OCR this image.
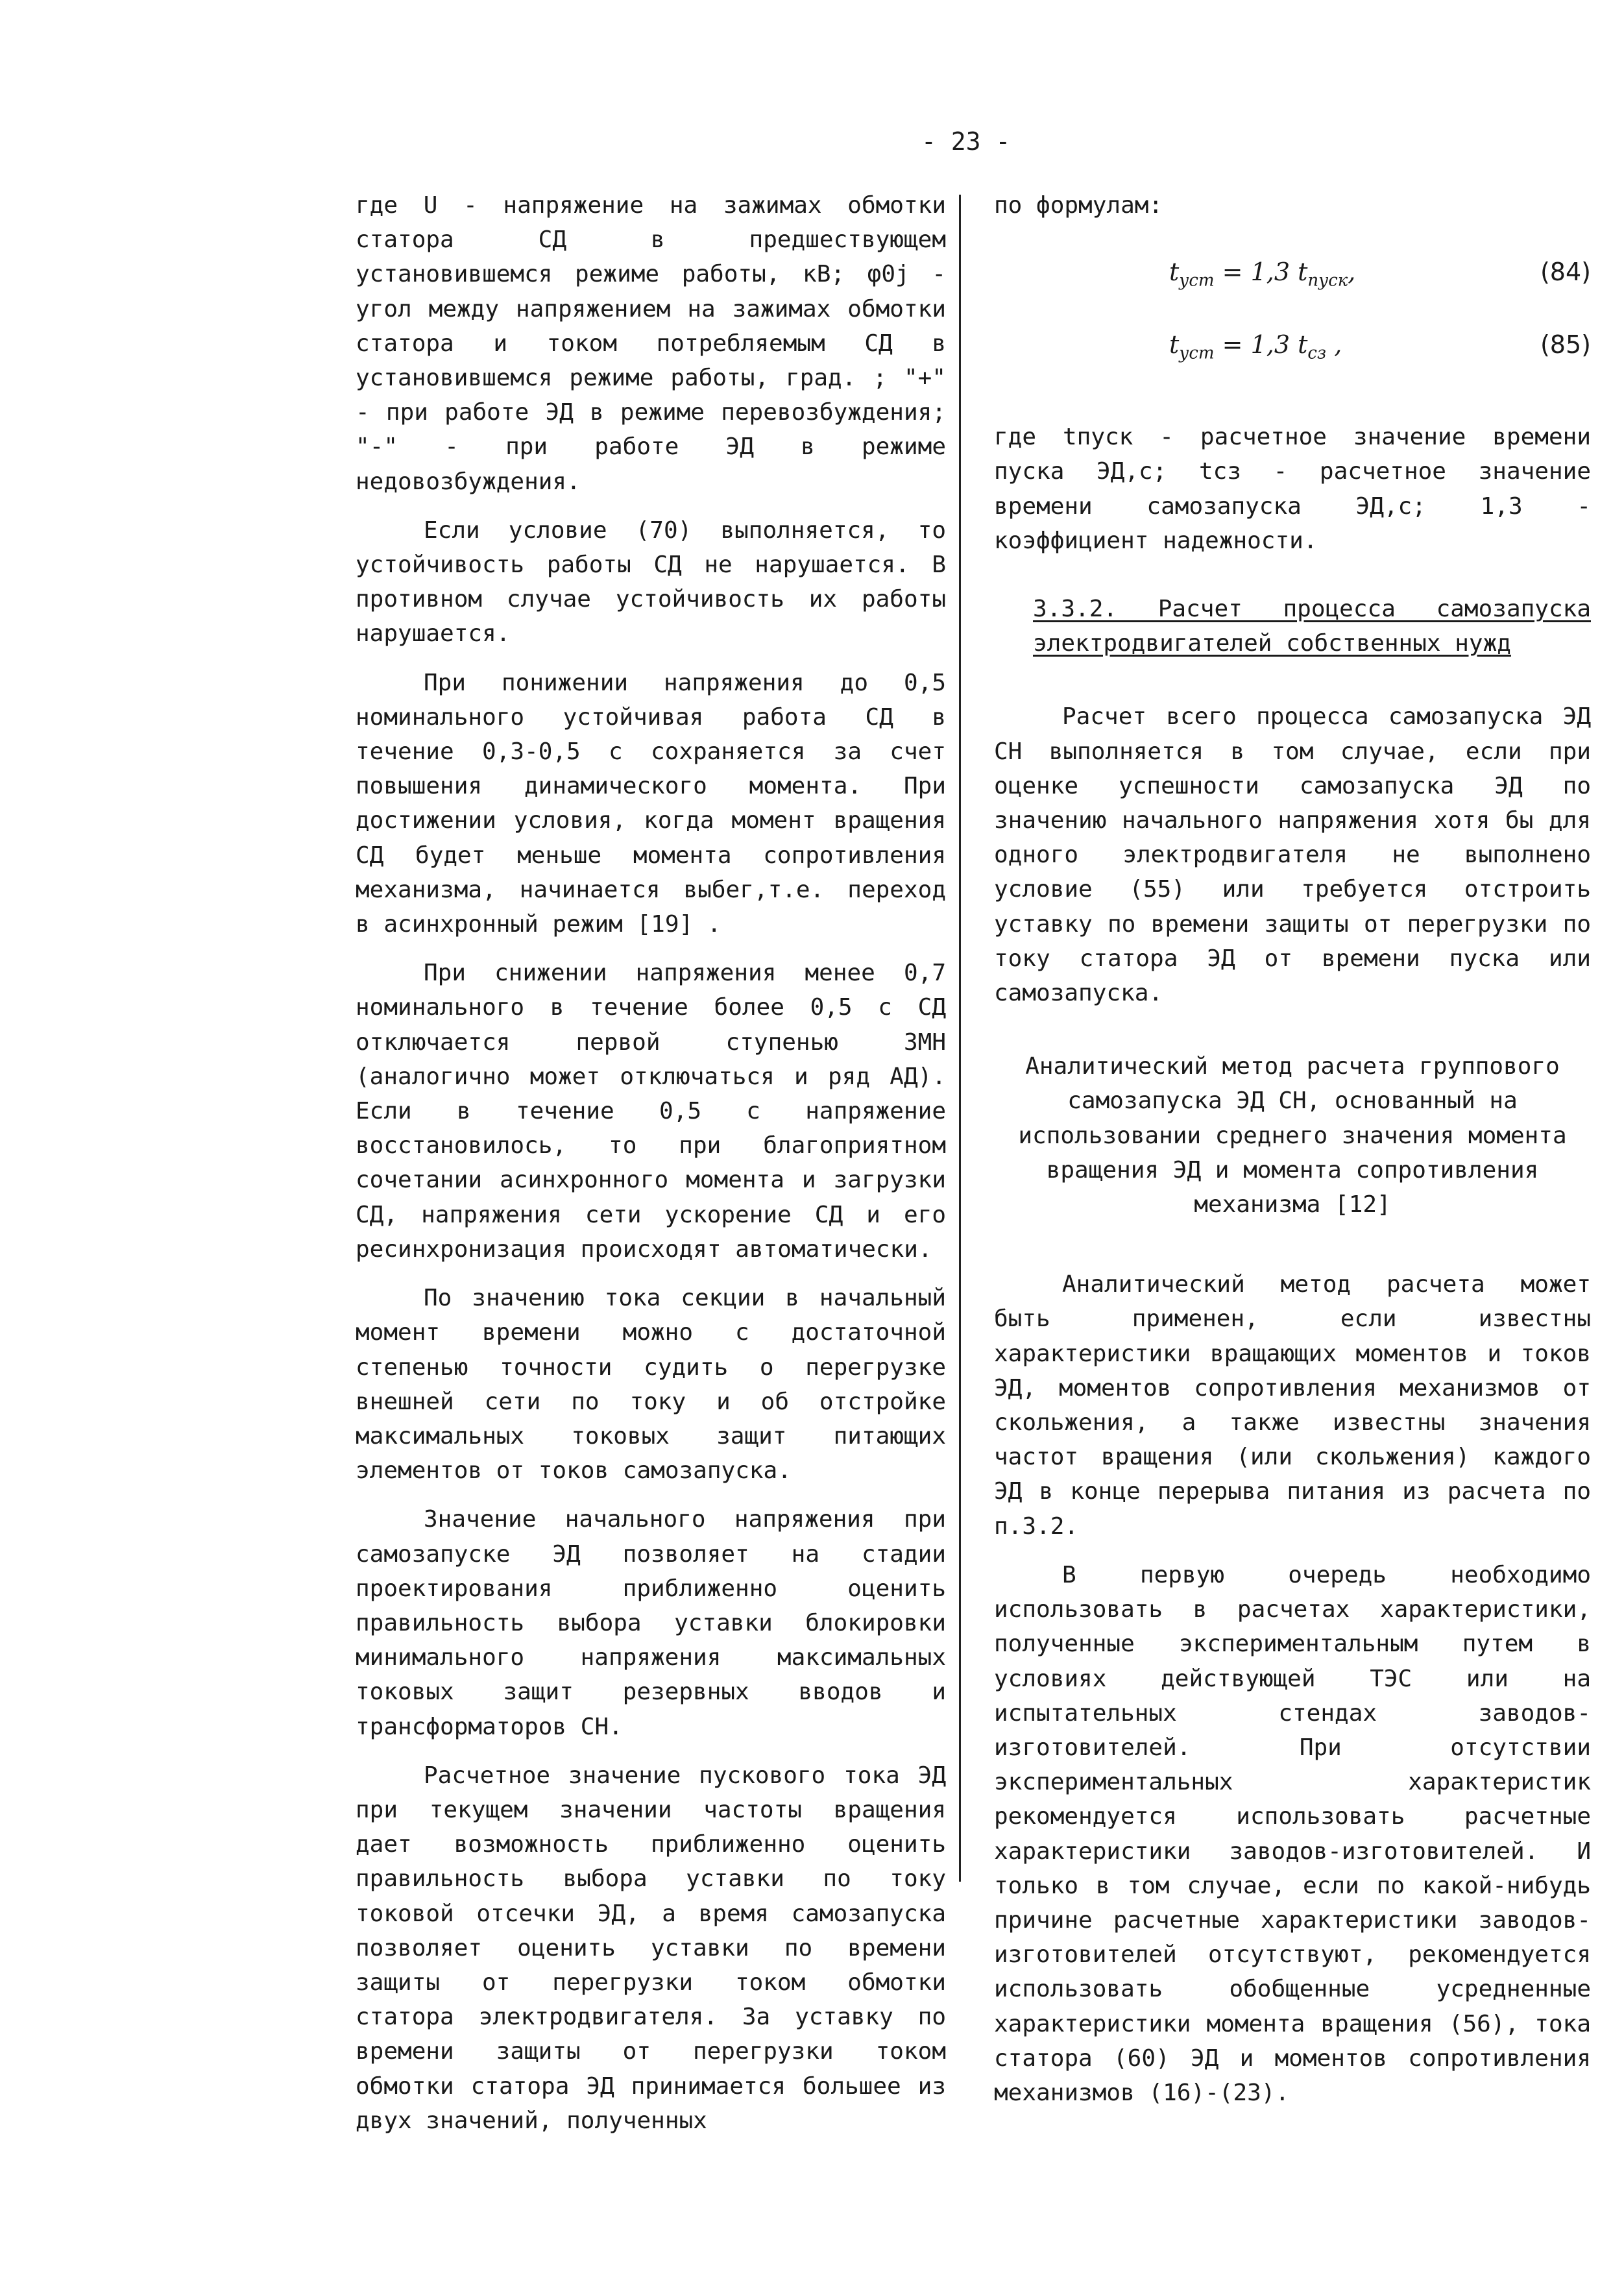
- 23 -

где U - напряжение на зажимах обмотки статора СД в предшествующем установившемся режиме работы, кВ; φ0j - угол между напряжением на зажимах обмотки статора и током потребляемым СД в установившемся режиме работы, град. ; "+" - при работе ЭД в режиме перевозбуждения; "-" - при работе ЭД в режиме недовозбуждения.

Если условие (70) выполняется, то устойчивость работы СД не нарушается. В противном случае устойчивость их работы нарушается.

При понижении напряжения до 0,5 номинального устойчивая работа СД в течение 0,3-0,5 с сохраняется за счет повышения динамического момента. При достижении условия, когда момент вращения СД будет меньше момента сопротивления механизма, начинается выбег,т.е. переход в асинхронный режим [19] .

При снижении напряжения менее 0,7 номинального в течение более 0,5 с СД отключается первой ступенью ЗМН (аналогично может отключаться и ряд АД). Если в течение 0,5 с напряжение восстановилось, то при благоприятном сочетании асинхронного момента и загрузки СД, напряжения сети ускорение СД и его ресинхронизация происходят автоматически.

По значению тока секции в начальный момент времени можно с достаточной степенью точности судить о перегрузке внешней сети по току и об отстройке максимальных токовых защит питающих элементов от токов самозапуска.

Значение начального напряжения при самозапуске ЭД позволяет на стадии проектирования приближенно оценить правильность выбора уставки блокировки минимального напряжения максимальных токовых защит резервных вводов и трансформаторов СН.

Расчетное значение пускового тока ЭД при текущем значении частоты вращения дает возможность приближенно оценить правильность выбора уставки по току токовой отсечки ЭД, а время самозапуска позволяет оценить уставки по времени защиты от перегрузки током обмотки статора электродвигателя. За уставку по времени защиты от перегрузки током обмотки статора ЭД принимается большее из двух значений, полученных

по формулам:

$t_{уст} = 1,3$ $t_{пуск}$,	(84)
$t_{уст} = 1,3$ $t_{сз}$ ,	(85)

где tпуск - расчетное значение времени пуска ЭД,с; tсз - расчетное значение времени самозапуска ЭД,с; 1,3 - коэффициент надежности.

3.3.2. Расчет процесса самозапуска электродвигателей собственных нужд

Расчет всего процесса самозапуска ЭД СН выполняется в том случае, если при оценке успешности самозапуска ЭД по значению начального напряжения хотя бы для одного электродвигателя не выполнено условие (55) или требуется отстроить уставку по времени защиты от перегрузки по току статора ЭД от времени пуска или самозапуска.

Аналитический метод расчета группового самозапуска ЭД СН, основанный на использовании среднего значения момента вращения ЭД и момента сопротивления механизма [12]

Аналитический метод расчета может быть применен, если известны характеристики вращающих моментов и токов ЭД, моментов сопротивления механизмов от скольжения, а также известны значения частот вращения (или скольжения) каждого ЭД в конце перерыва питания из расчета по п.3.2.

В первую очередь необходимо использовать в расчетах характеристики, полученные экспериментальным путем в условиях действующей ТЭС или на испытательных стендах заводов-изготовителей. При отсутствии экспериментальных характеристик рекомендуется использовать расчетные характеристики заводов-изготовителей. И только в том случае, если по какой-нибудь причине расчетные характеристики заводов-изготовителей отсутствуют, рекомендуется использовать обобщенные усредненные характеристики момента вращения (56), тока статора (60) ЭД и моментов сопротивления механизмов (16)-(23).
